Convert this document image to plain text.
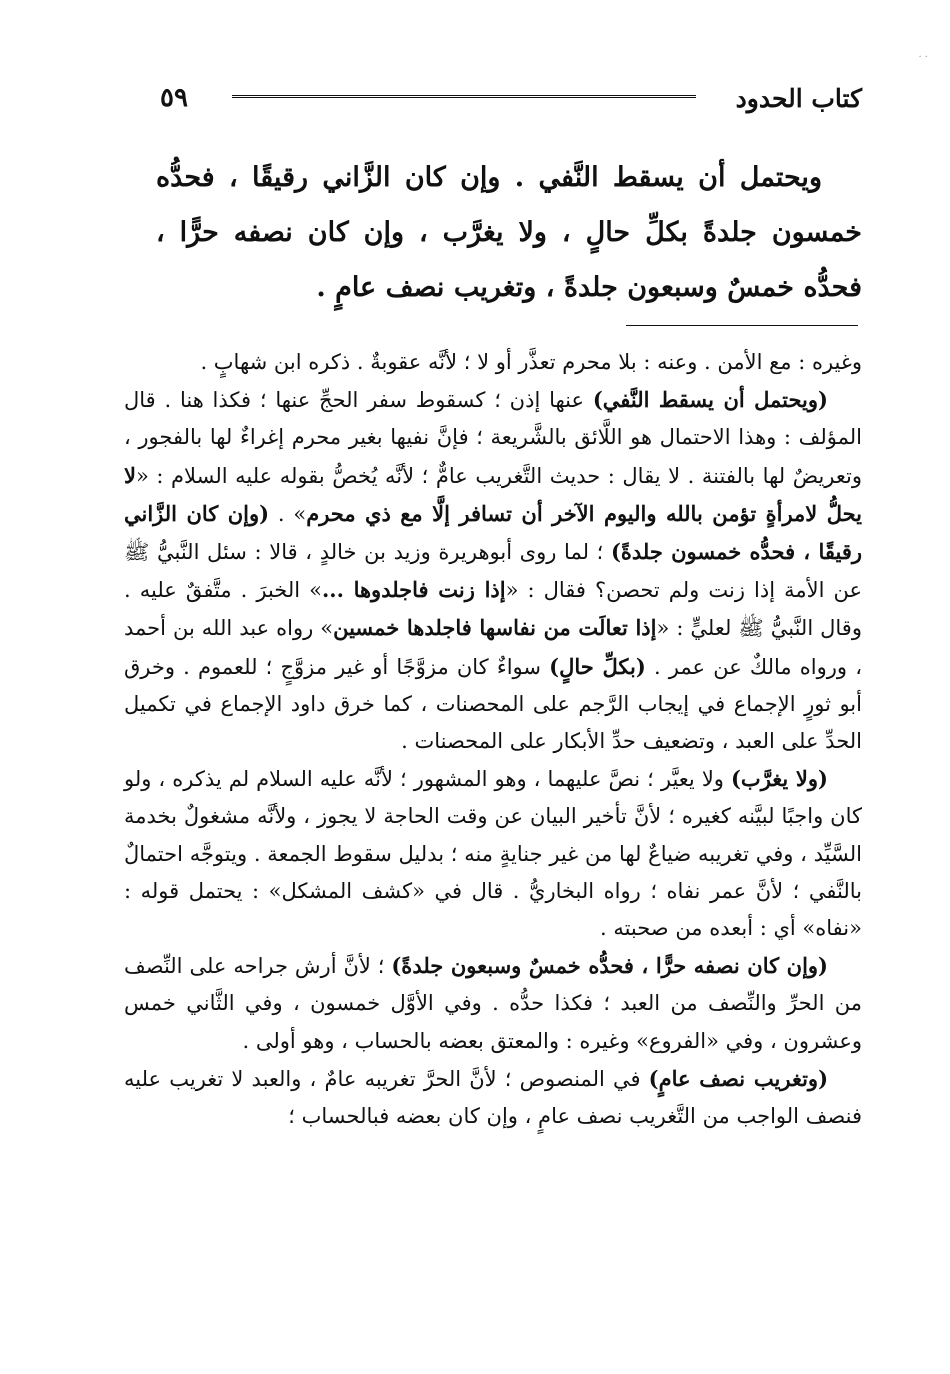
· ·
٥٩	كتاب الحدود

ويحتمل أن يسقط النَّفي . وإن كان الزَّاني رقيقًا ، فحدُّه خمسون جلدةً بكلِّ حالٍ ، ولا يغرَّب ، وإن كان نصفه حرًّا ، فحدُّه خمسٌ وسبعون جلدةً ، وتغريب نصف عامٍ .

وغيره : مع الأمن . وعنه : بلا محرم تعذَّر أو لا ؛ لأنَّه عقوبةٌ . ذكره ابن شهابٍ .

(ويحتمل أن يسقط النَّفي) عنها إذن ؛ كسقوط سفر الحجِّ عنها ؛ فكذا هنا . قال المؤلف : وهذا الاحتمال هو اللَّائق بالشَّريعة ؛ فإنَّ نفيها بغير محرم إغراءٌ لها بالفجور ، وتعريضٌ لها بالفتنة . لا يقال : حديث التَّغريب عامٌّ ؛ لأنَّه يُخصُّ بقوله عليه السلام : «لا يحلُّ لامرأةٍ تؤمن بالله واليوم الآخر أن تسافر إلَّا مع ذي محرم» . (وإن كان الزَّاني رقيقًا ، فحدُّه خمسون جلدةً) ؛ لما روى أبوهريرة وزيد بن خالدٍ ، قالا : سئل النَّبيُّ ﷺ عن الأمة إذا زنت ولم تحصن؟ فقال : «إذا زنت فاجلدوها ...» الخبرَ . متَّفقٌ عليه . وقال النَّبيُّ ﷺ لعليٍّ : «إذا تعالَت من نفاسها فاجلدها خمسين» رواه عبد الله بن أحمد ، ورواه مالكٌ عن عمر . (بكلِّ حالٍ) سواءٌ كان مزوَّجًا أو غير مزوَّجٍ ؛ للعموم . وخرق أبو ثورٍ الإجماع في إيجاب الرَّجم على المحصنات ، كما خرق داود الإجماع في تكميل الحدِّ على العبد ، وتضعيف حدِّ الأبكار على المحصنات .

(ولا يغرَّب) ولا يعيَّر ؛ نصَّ عليهما ، وهو المشهور ؛ لأنَّه عليه السلام لم يذكره ، ولو كان واجبًا لبيَّنه كغيره ؛ لأنَّ تأخير البيان عن وقت الحاجة لا يجوز ، ولأنَّه مشغولٌ بخدمة السَّيِّد ، وفي تغريبه ضياعٌ لها من غير جنايةٍ منه ؛ بدليل سقوط الجمعة . ويتوجَّه احتمالٌ بالنَّفي ؛ لأنَّ عمر نفاه ؛ رواه البخاريُّ . قال في «كشف المشكل» : يحتمل قوله : «نفاه» أي : أبعده من صحبته .

(وإن كان نصفه حرًّا ، فحدُّه خمسٌ وسبعون جلدةً) ؛ لأنَّ أرش جراحه على النِّصف من الحرِّ والنِّصف من العبد ؛ فكذا حدُّه . وفي الأوَّل خمسون ، وفي الثَّاني خمس وعشرون ، وفي «الفروع» وغيره : والمعتق بعضه بالحساب ، وهو أولى .

(وتغريب نصف عامٍ) في المنصوص ؛ لأنَّ الحرَّ تغريبه عامٌ ، والعبد لا تغريب عليه فنصف الواجب من التَّغريب نصف عامٍ ، وإن كان بعضه فبالحساب ؛
